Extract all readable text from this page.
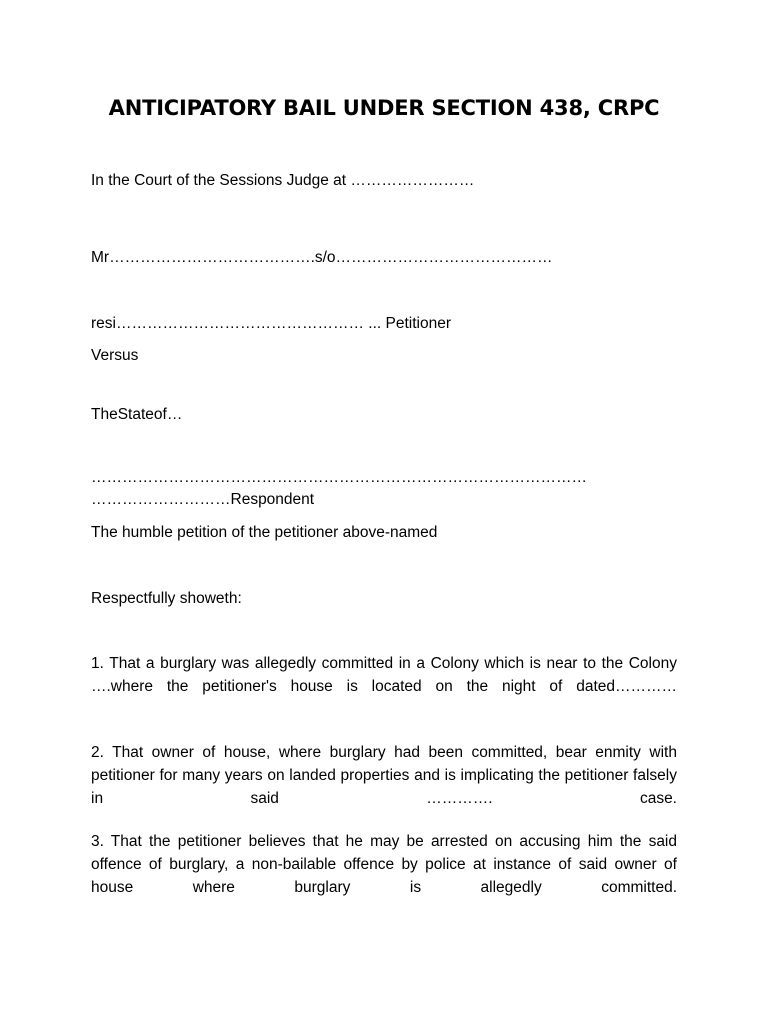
ANTICIPATORY BAIL UNDER SECTION 438, CRPC
In the Court of the Sessions Judge at ……………………
Mr………………………………….s/o……………………………………
resi………………………………………… ... Petitioner
Versus
TheStateof…
……………………………………………………………………………………
………………………Respondent
The humble petition of the petitioner above-named
Respectfully showeth:
1. That a burglary was allegedly committed in a Colony which is near to the Colony ….where the petitioner's house is located on the night of dated…………
2. That owner of house, where burglary had been committed, bear enmity with petitioner for many years on landed properties and is implicating the petitioner falsely in said …………. case.
3. That the petitioner believes that he may be arrested on accusing him the said offence of burglary, a non-bailable offence by police at instance of said owner of house where burglary is allegedly committed.
